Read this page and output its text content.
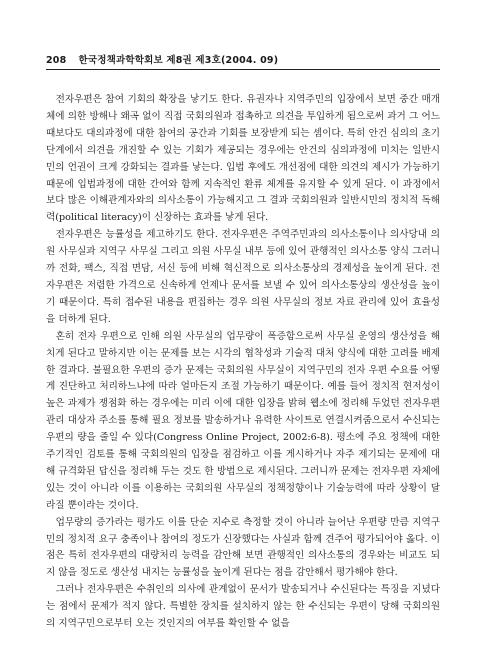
208 한국정책과학학회보 제8권 제3호(2004. 09)

전자우편은 참여 기회의 확장을 낳기도 한다. 유권자나 지역주민의 입장에서 보면 중간 매개체에 의한 방해나 왜곡 없이 직접 국회의원과 접촉하고 의견을 투입하게 됨으로써 과거 그 어느 때보다도 대의과정에 대한 참여의 공간과 기회를 보장받게 되는 셈이다. 특히 안건 심의의 초기 단계에서 의견을 개진할 수 있는 기회가 제공되는 경우에는 안건의 심의과정에 미치는 일반시민의 언권이 크게 강화되는 결과를 낳는다. 입법 후에도 개선점에 대한 의견의 제시가 가능하기 때문에 입법과정에 대한 간여와 함께 지속적인 환류 체계를 유지할 수 있게 된다. 이 과정에서 보다 많은 이해관계자와의 의사소통이 가능해지고 그 결과 국회의원과 일반시민의 정치적 독해력(political literacy)이 신장하는 효과를 낳게 된다.

전자우편은 능률성을 제고하기도 한다. 전자우편은 주역주민과의 의사소통이나 의사당내 의원 사무실과 지역구 사무실 그리고 의원 사무실 내부 등에 있어 관행적인 의사소통 양식 그러니까 전화, 팩스, 직접 면담, 서신 등에 비해 혁신적으로 의사소통상의 경제성을 높이게 된다. 전자우편은 저렴한 가격으로 신속하게 언제나 문서를 보낼 수 있어 의사소통상의 생산성을 높이기 때문이다. 특히 접수된 내용을 편집하는 경우 의원 사무실의 정보 자료 관리에 있어 효율성을 더하게 된다.

혼히 전자 우편으로 인해 의원 사무실의 업무량이 폭증함으로써 사무실 운영의 생산성을 해치게 된다고 말하지만 이는 문제를 보는 시각의 협착성과 기술적 대처 양식에 대한 고려를 배제한 결과다. 불필요한 우편의 증가 문제는 국회의원 사무실이 지역구민의 전자 우편 수요를 어떻게 진단하고 처리하느냐에 따라 얼마든지 조절 가능하기 때문이다. 예를 들어 정치적 현저성이 높은 과제가 쟁점화 하는 경우에는 미리 이에 대한 입장을 밝혀 웹소에 정리해 두었던 전자우편 관리 대상자 주소를 통해 필요 정보를 발송하거나 유력한 사이트로 연결시켜줌으로서 수신되는 우편의 량을 줄일 수 있다(Congress Online Project, 2002:6-8). 평소에 주요 정책에 대한 주기적인 검토를 통해 국회의원의 입장을 점검하고 이를 게시하거나 자주 제기되는 문제에 대해 규격화된 답신을 정리해 두는 것도 한 방법으로 제시된다. 그러니까 문제는 전자우편 자체에 있는 것이 아니라 이를 이용하는 국회의원 사무실의 정책정향이나 기술능력에 따라 상황이 달라질 뿐이라는 것이다.

업무량의 증가라는 평가도 이를 단순 지수로 측정할 것이 아니라 늘어난 우편량 만큼 지역구민의 정치적 요구 충족이나 참여의 정도가 신장했다는 사실과 함께 견주어 평가되어야 옳다. 이점은 특히 전자우편의 대량처리 능력을 감안해 보면 관행적인 의사소통의 경우와는 비교도 되지 않을 정도로 생산성 내지는 능률성을 높이게 된다는 점을 감안해서 평가해야 한다.

그러나 전자우편은 수취인의 의사에 관계없이 문서가 발송되거나 수신된다는 특징을 지녔다는 점에서 문제가 적지 않다. 특별한 장치를 설치하지 않는 한 수신되는 우편이 당해 국회의원의 지역구민으로부터 오는 것인지의 여부를 확인할 수 없을
